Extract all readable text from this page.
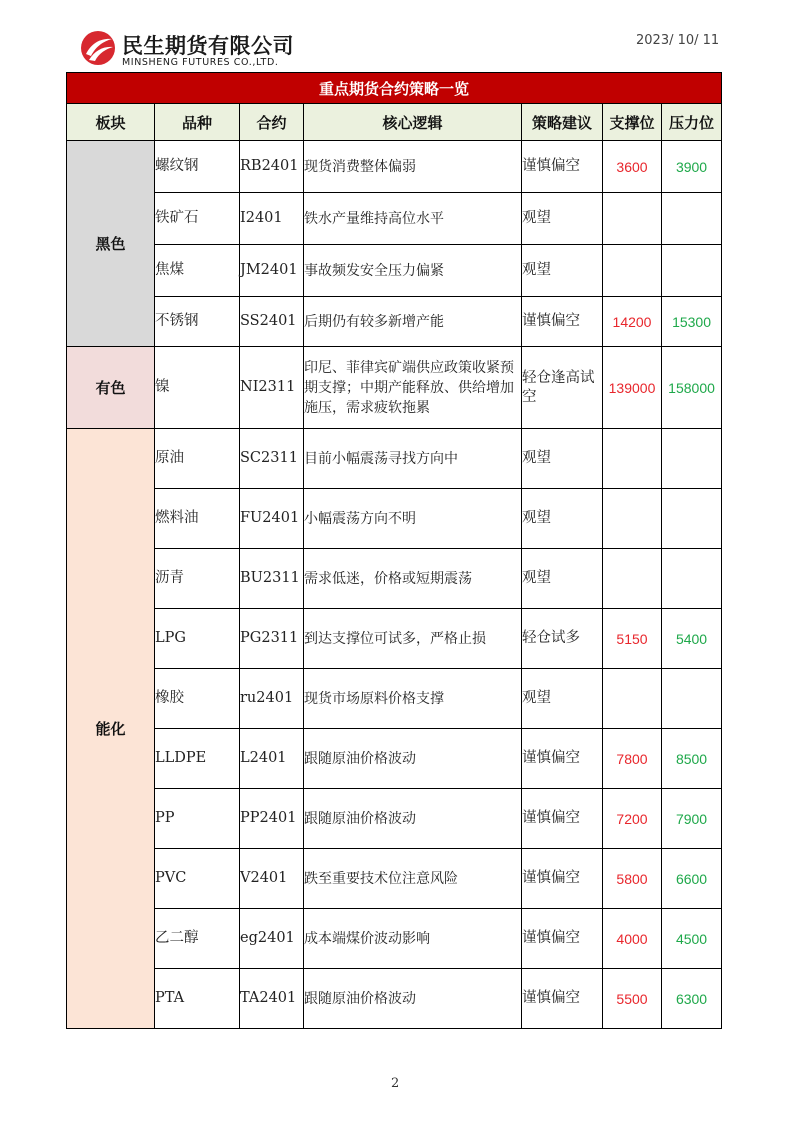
民生期货有限公司
MINSHENG FUTURES CO.,LTD.
2023/ 10/ 11
重点期货合约策略一览						
板块	品种	合约	核心逻辑	策略建议	支撑位	压力位
黑色	螺纹钢	RB2401	现货消费整体偏弱	谨慎偏空	3600	3900
	铁矿石	I2401	铁水产量维持高位水平	观望		
	焦煤	JM2401	事故频发安全压力偏紧	观望		
	不锈钢	SS2401	后期仍有较多新增产能	谨慎偏空	14200	15300
有色	镍	NI2311	印尼、菲律宾矿端供应政策收紧预期支撑；中期产能释放、供给增加施压，需求疲软拖累	轻仓逢高试空	139000	158000
能化	原油	SC2311	目前小幅震荡寻找方向中	观望		
	燃料油	FU2401	小幅震荡方向不明	观望		
	沥青	BU2311	需求低迷，价格或短期震荡	观望		
	LPG	PG2311	到达支撑位可试多，严格止损	轻仓试多	5150	5400
	橡胶	ru2401	现货市场原料价格支撑	观望		
	LLDPE	L2401	跟随原油价格波动	谨慎偏空	7800	8500
	PP	PP2401	跟随原油价格波动	谨慎偏空	7200	7900
	PVC	V2401	跌至重要技术位注意风险	谨慎偏空	5800	6600
	乙二醇	eg2401	成本端煤价波动影响	谨慎偏空	4000	4500
	PTA	TA2401	跟随原油价格波动	谨慎偏空	5500	6300
2
